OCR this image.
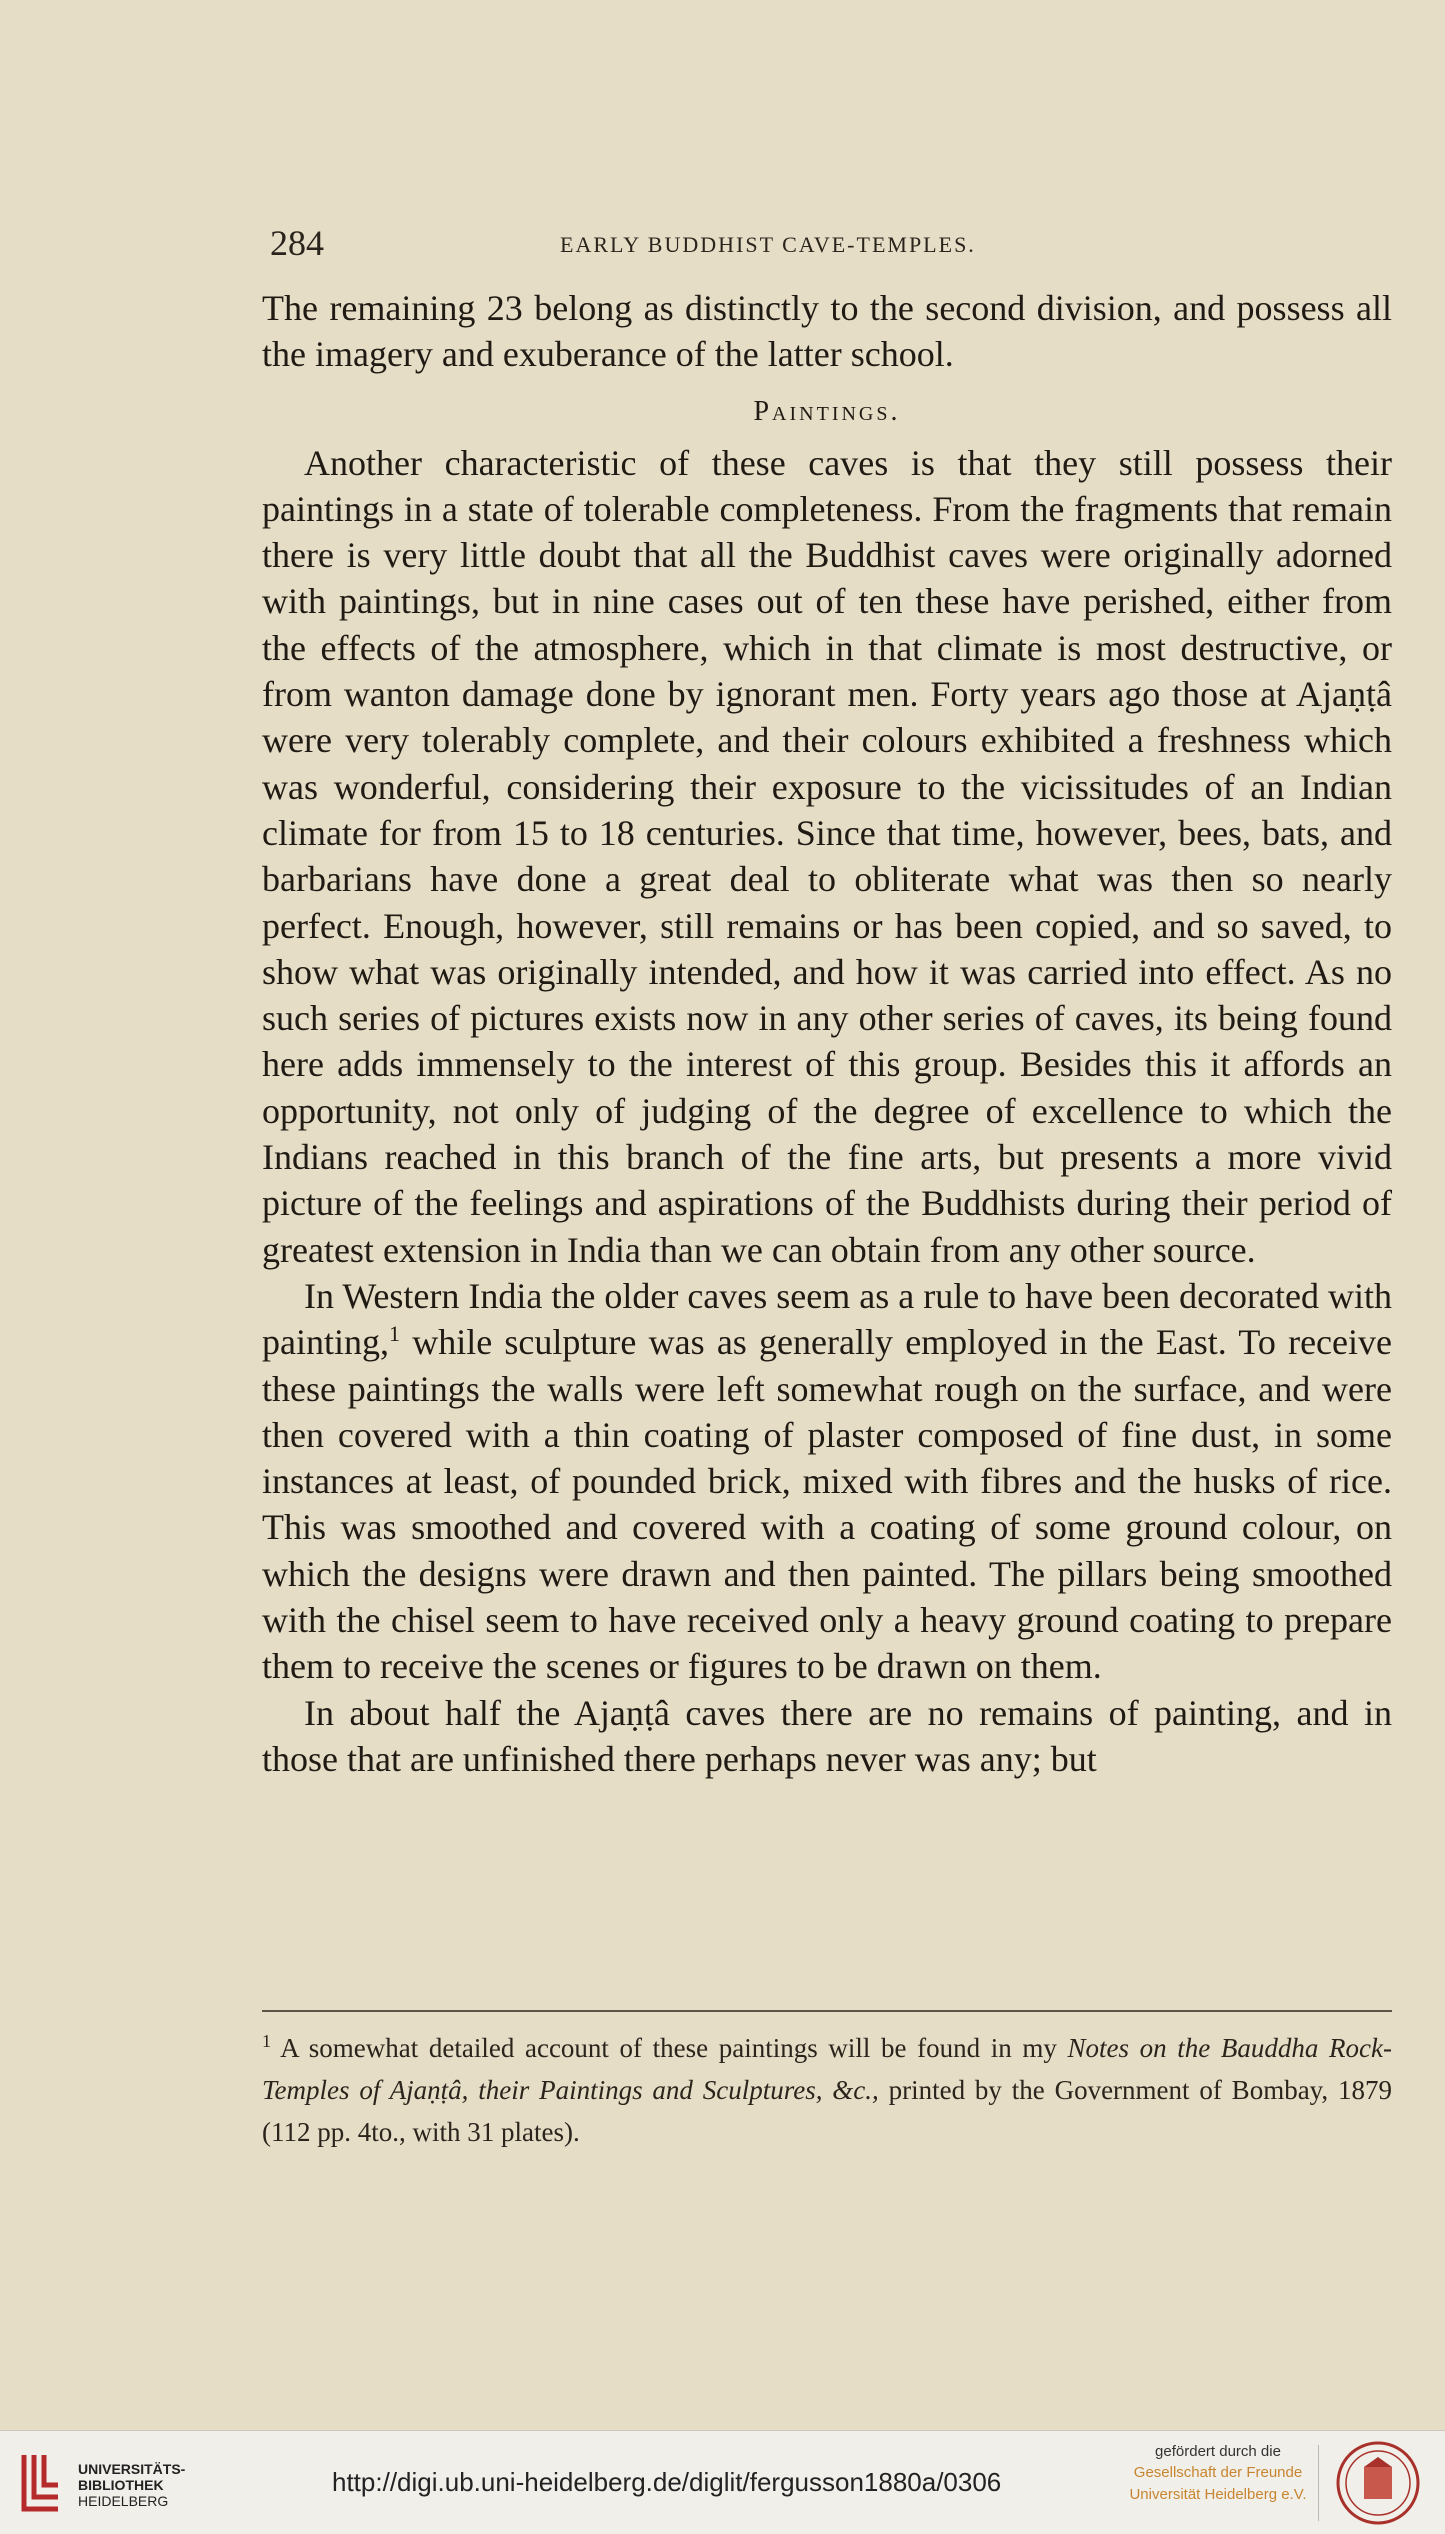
284	EARLY BUDDHIST CAVE-TEMPLES.

The remaining 23 belong as distinctly to the second division, and possess all the imagery and exuberance of the latter school.

Paintings.

Another characteristic of these caves is that they still possess their paintings in a state of tolerable completeness. From the fragments that remain there is very little doubt that all the Buddhist caves were originally adorned with paintings, but in nine cases out of ten these have perished, either from the effects of the atmosphere, which in that climate is most destructive, or from wanton damage done by ignorant men. Forty years ago those at Ajaṇṭâ were very tolerably complete, and their colours exhibited a freshness which was wonderful, considering their exposure to the vicissitudes of an Indian climate for from 15 to 18 centuries. Since that time, however, bees, bats, and barbarians have done a great deal to obliterate what was then so nearly perfect. Enough, however, still remains or has been copied, and so saved, to show what was originally intended, and how it was carried into effect. As no such series of pictures exists now in any other series of caves, its being found here adds immensely to the interest of this group. Besides this it affords an opportunity, not only of judging of the degree of excellence to which the Indians reached in this branch of the fine arts, but presents a more vivid picture of the feelings and aspirations of the Buddhists during their period of greatest extension in India than we can obtain from any other source.

In Western India the older caves seem as a rule to have been decorated with painting,$^1$ while sculpture was as generally employed in the East. To receive these paintings the walls were left somewhat rough on the surface, and were then covered with a thin coating of plaster composed of fine dust, in some instances at least, of pounded brick, mixed with fibres and the husks of rice. This was smoothed and covered with a coating of some ground colour, on which the designs were drawn and then painted. The pillars being smoothed with the chisel seem to have received only a heavy ground coating to prepare them to receive the scenes or figures to be drawn on them.

In about half the Ajaṇṭâ caves there are no remains of painting, and in those that are unfinished there perhaps never was any; but

$^1$ A somewhat detailed account of these paintings will be found in my Notes on the Bauddha Rock-Temples of Ajaṇṭâ, their Paintings and Sculptures, &c., printed by the Government of Bombay, 1879 (112 pp. 4to., with 31 plates).
UNIVERSITÄTS-
BIBLIOTHEK
HEIDELBERG
http://digi.ub.uni-heidelberg.de/diglit/fergusson1880a/0306
gefördert durch die
Gesellschaft der Freunde
Universität Heidelberg e.V.
